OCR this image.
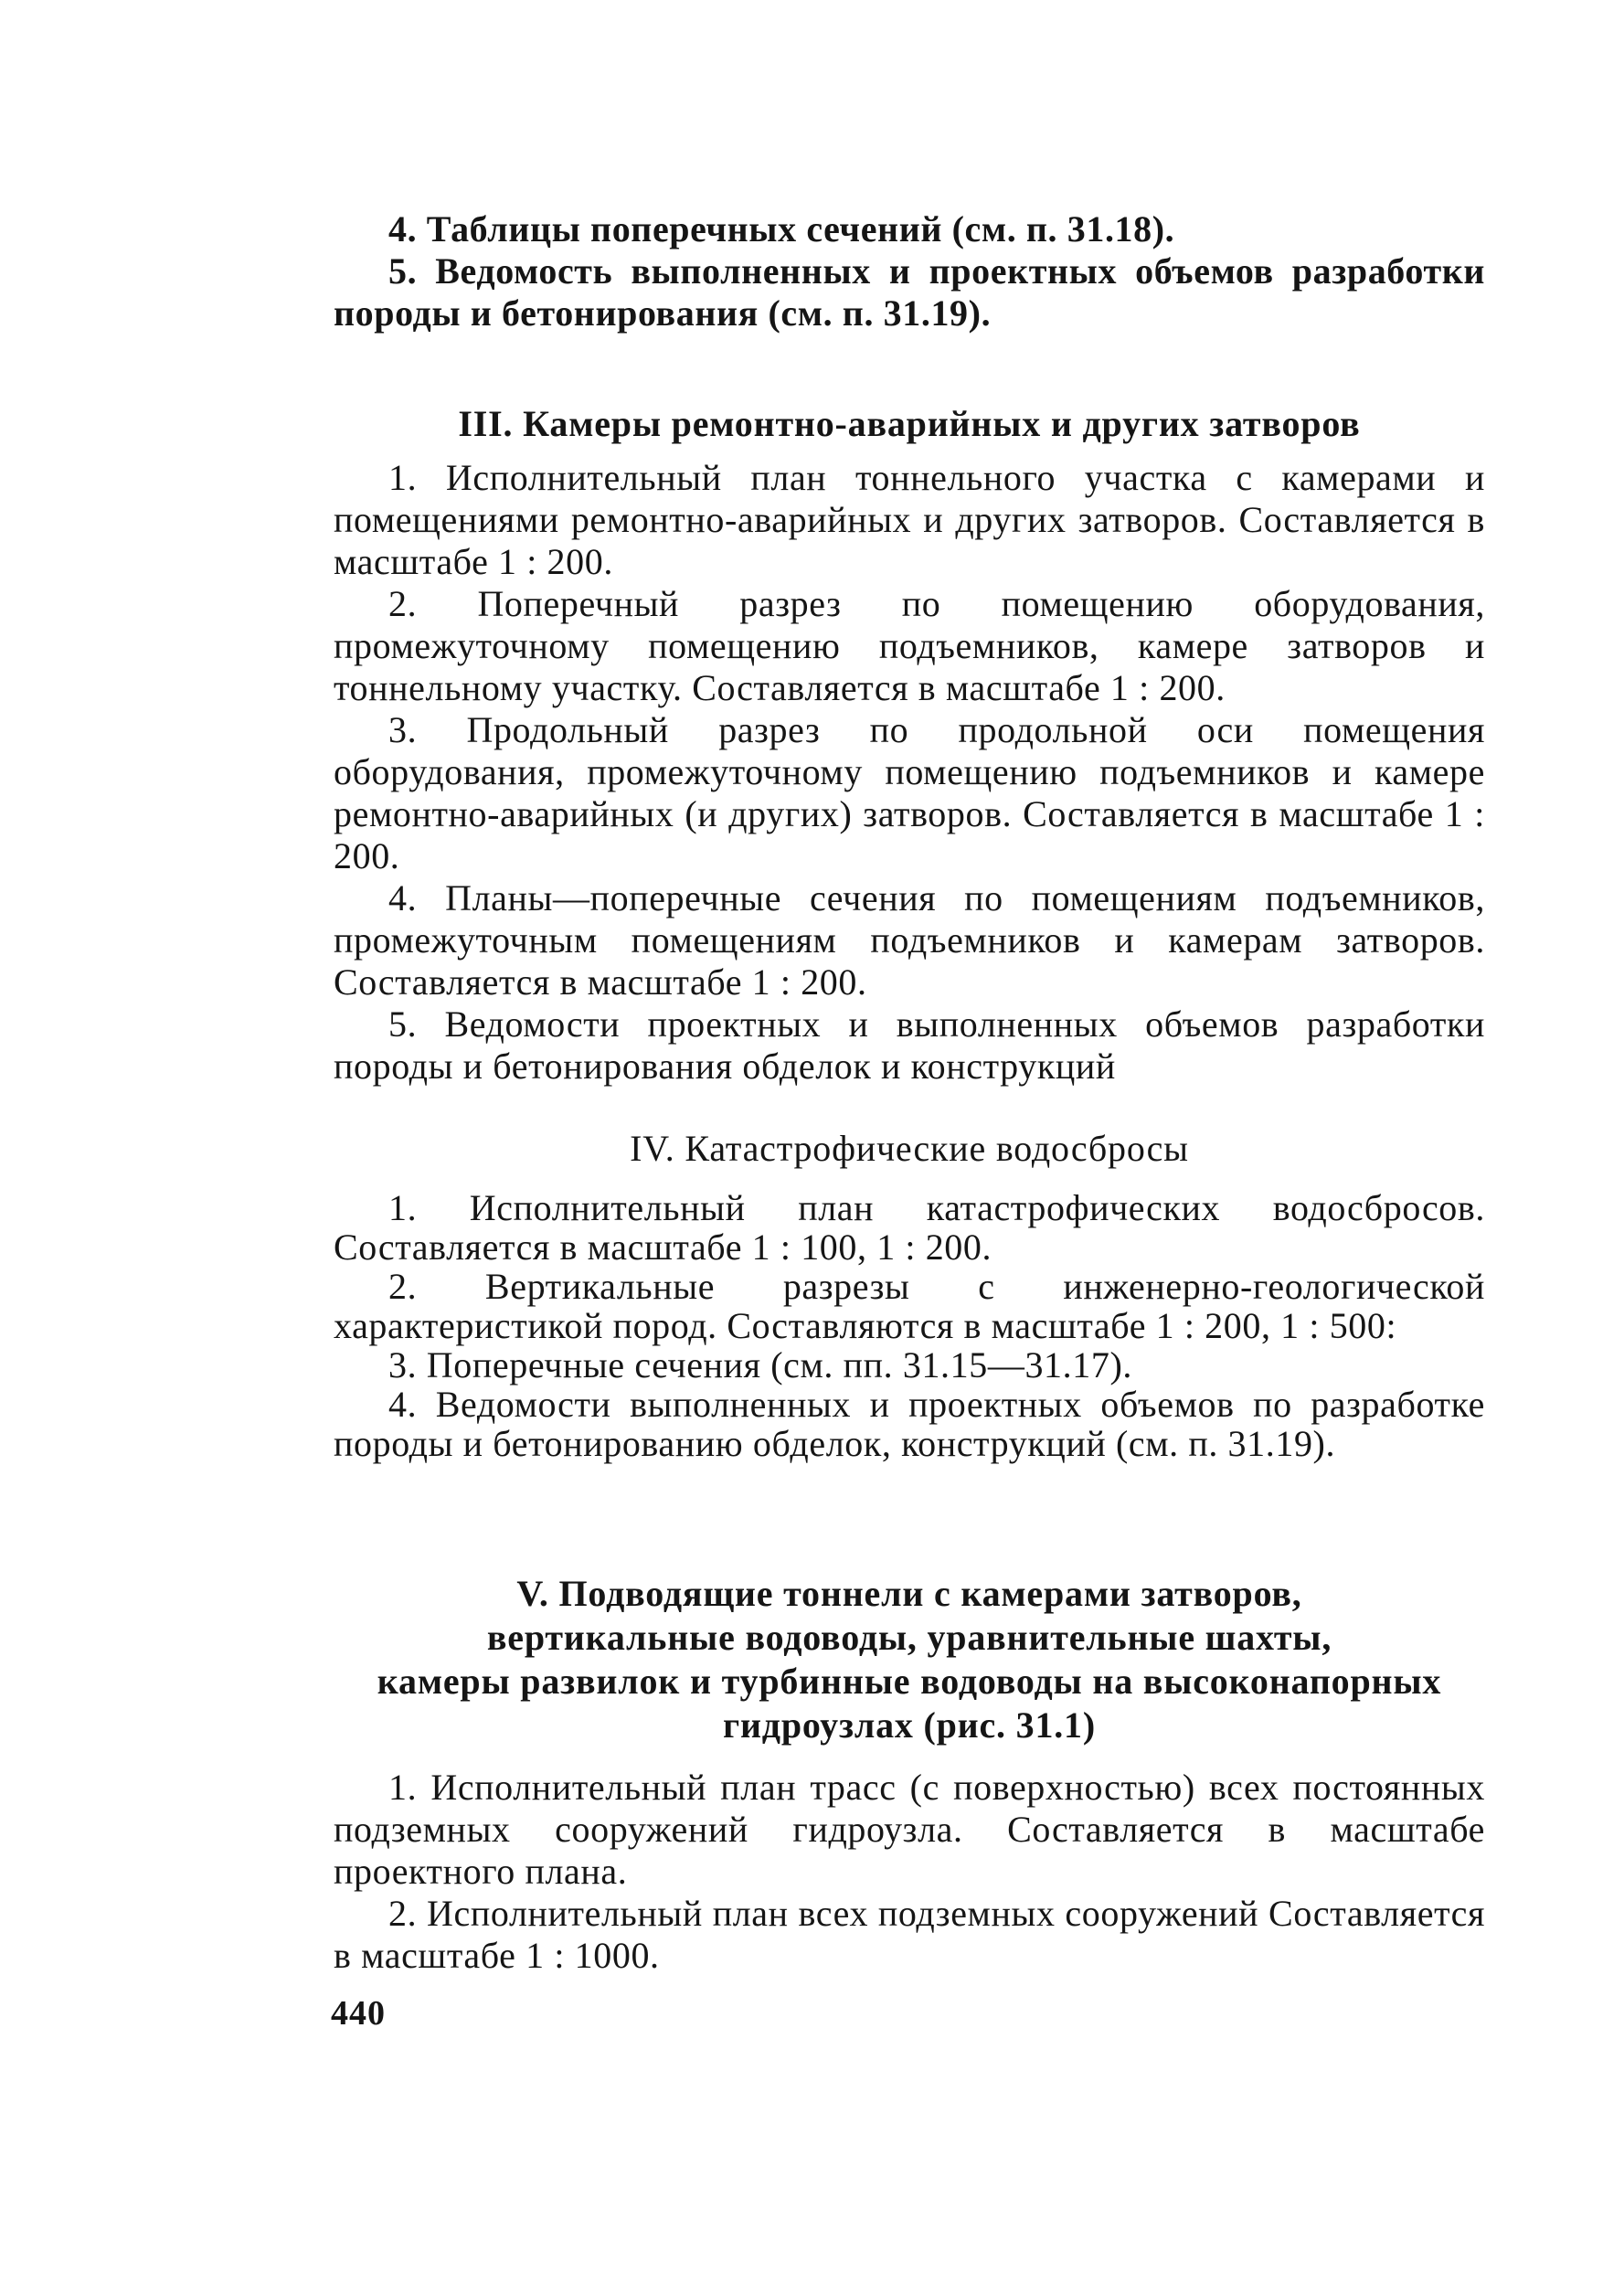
4. Таблицы поперечных сечений (см. п. 31.18).

5. Ведомость выполненных и проектных объемов разработки породы и бетонирования (см. п. 31.19).

III. Камеры ремонтно-аварийных и других затворов

1. Исполнительный план тоннельного участка с камерами и помещениями ремонтно-аварийных и других затворов. Составляется в масштабе 1 : 200.

2. Поперечный разрез по помещению оборудования, промежуточному помещению подъемников, камере затворов и тоннельному участку. Составляется в масштабе 1 : 200.

3. Продольный разрез по продольной оси помещения оборудования, промежуточному помещению подъемников и камере ремонтно-аварийных (и других) затворов. Составляется в масштабе 1 : 200.

4. Планы—поперечные сечения по помещениям подъемников, промежуточным помещениям подъемников и камерам затворов. Составляется в масштабе 1 : 200.

5. Ведомости проектных и выполненных объемов разработки породы и бетонирования обделок и конструкций

IV. Катастрофические водосбросы

1. Исполнительный план катастрофических водосбросов. Составляется в масштабе 1 : 100, 1 : 200.

2. Вертикальные разрезы с инженерно-геологической характеристикой пород. Составляются в масштабе 1 : 200, 1 : 500:

3. Поперечные сечения (см. пп. 31.15—31.17).

4. Ведомости выполненных и проектных объемов по разработке породы и бетонированию обделок, конструкций (см. п. 31.19).

V. Подводящие тоннели с камерами затворов,

вертикальные водоводы, уравнительные шахты,

камеры развилок и турбинные водоводы на высоконапорных

гидроузлах (рис. 31.1)

1. Исполнительный план трасс (с поверхностью) всех постоянных подземных сооружений гидроузла. Составляется в масштабе проектного плана.

2. Исполнительный план всех подземных сооружений Составляется в масштабе 1 : 1000.

440
